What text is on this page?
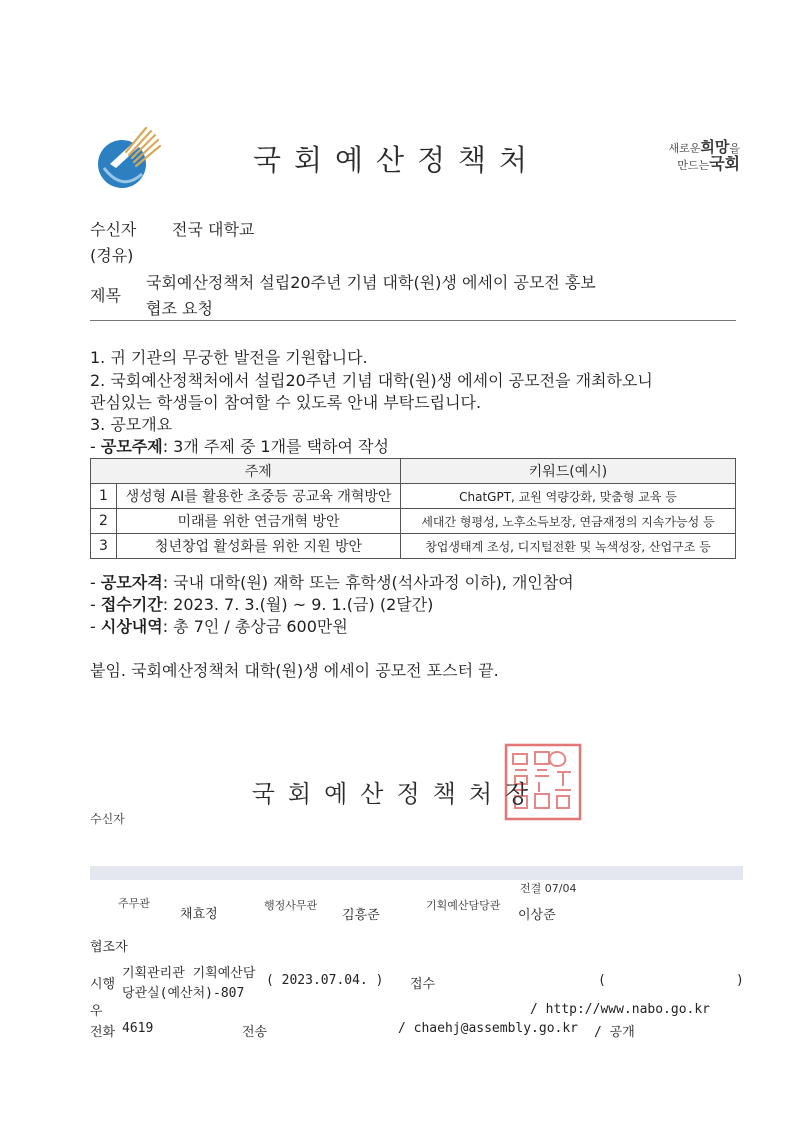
국회예산정책처	새로운희망을
만드는국회
수신자 전국 대학교
(경유)
제목
국회예산정책처 설립20주년 기념 대학(원)생 에세이 공모전 홍보
협조 요청
1. 귀 기관의 무궁한 발전을 기원합니다.
2. 국회예산정책처에서 설립20주년 기념 대학(원)생 에세이 공모전을 개최하오니
관심있는 학생들이 참여할 수 있도록 안내 부탁드립니다.
3. 공모개요
- 공모주제: 3개 주제 중 1개를 택하여 작성
	주제	키워드(예시)
1	생성형 AI를 활용한 초중등 공교육 개혁방안	ChatGPT, 교원 역량강화, 맞춤형 교육 등
2	미래를 위한 연금개혁 방안	세대간 형평성, 노후소득보장, 연금재정의 지속가능성 등
3	청년창업 활성화를 위한 지원 방안	창업생태계 조성, 디지털전환 및 녹색성장, 산업구조 등
- 공모자격: 국내 대학(원) 재학 또는 휴학생(석사과정 이하), 개인참여
- 접수기간: 2023. 7. 3.(월) ~ 9. 1.(금) (2달간)
- 시상내역: 총 7인 / 총상금 600만원
붙임. 국회예산정책처 대학(원)생 에세이 공모전 포스터 끝.
국회예산정책처장
수신자
전결 07/04
주무관
채효정
행정사무관
김흥준
기획예산담당관
이상준
협조자
시행
기획관리관 기획예산담
당관실(예산처)-807
( 2023.07.04. ) 접수	(	)
우	/ http://www.nabo.go.kr
전화 4619	전송	/ chaehj@assembly.go.kr / 공개
